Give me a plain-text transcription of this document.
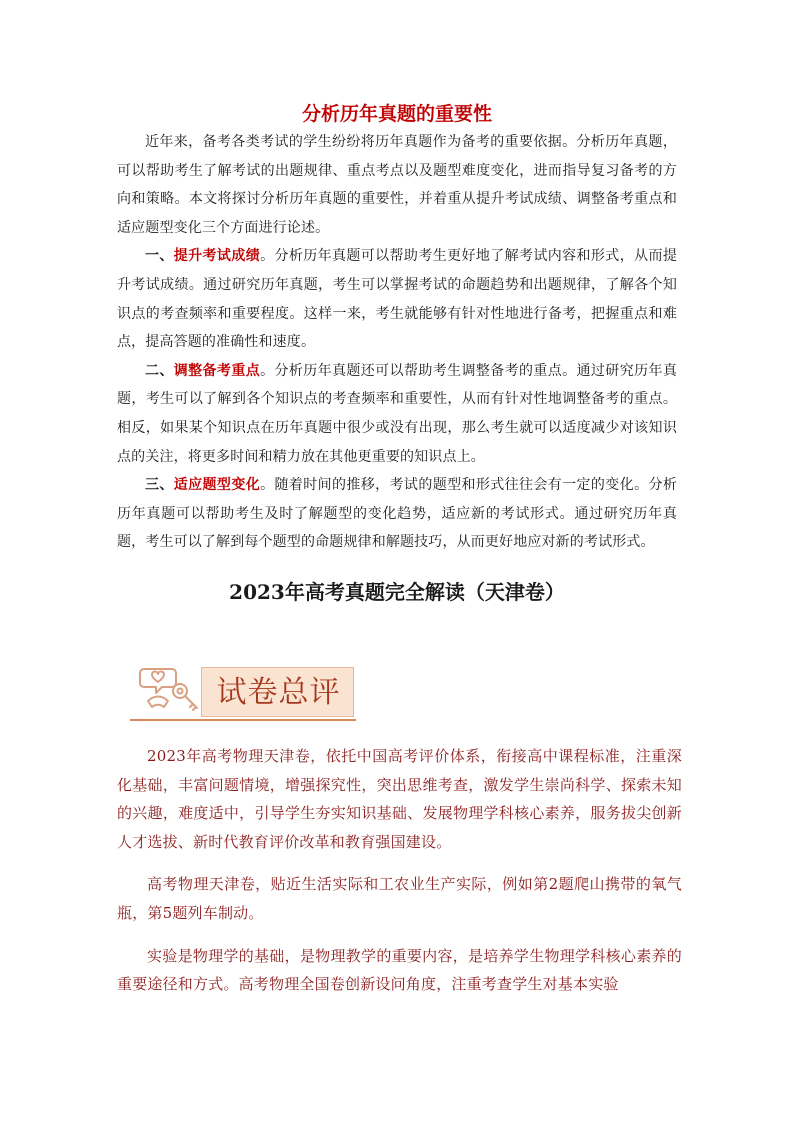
分析历年真题的重要性

近年来，备考各类考试的学生纷纷将历年真题作为备考的重要依据。分析历年真题，可以帮助考生了解考试的出题规律、重点考点以及题型难度变化，进而指导复习备考的方向和策略。本文将探讨分析历年真题的重要性，并着重从提升考试成绩、调整备考重点和适应题型变化三个方面进行论述。

一、提升考试成绩。分析历年真题可以帮助考生更好地了解考试内容和形式，从而提升考试成绩。通过研究历年真题，考生可以掌握考试的命题趋势和出题规律，了解各个知识点的考查频率和重要程度。这样一来，考生就能够有针对性地进行备考，把握重点和难点，提高答题的准确性和速度。

二、调整备考重点。分析历年真题还可以帮助考生调整备考的重点。通过研究历年真题，考生可以了解到各个知识点的考查频率和重要性，从而有针对性地调整备考的重点。相反，如果某个知识点在历年真题中很少或没有出现，那么考生就可以适度减少对该知识点的关注，将更多时间和精力放在其他更重要的知识点上。

三、适应题型变化。随着时间的推移，考试的题型和形式往往会有一定的变化。分析历年真题可以帮助考生及时了解题型的变化趋势，适应新的考试形式。通过研究历年真题，考生可以了解到每个题型的命题规律和解题技巧，从而更好地应对新的考试形式。

2023年高考真题完全解读（天津卷）
试卷总评

2023年高考物理天津卷，依托中国高考评价体系，衔接高中课程标准，注重深化基础，丰富问题情境，增强探究性，突出思维考查，激发学生崇尚科学、探索未知的兴趣，难度适中，引导学生夯实知识基础、发展物理学科核心素养，服务拔尖创新人才选拔、新时代教育评价改革和教育强国建设。

高考物理天津卷，贴近生活实际和工农业生产实际，例如第2题爬山携带的氧气瓶，第5题列车制动。

实验是物理学的基础，是物理教学的重要内容，是培养学生物理学科核心素养的重要途径和方式。高考物理全国卷创新设问角度，注重考查学生对基本实验
